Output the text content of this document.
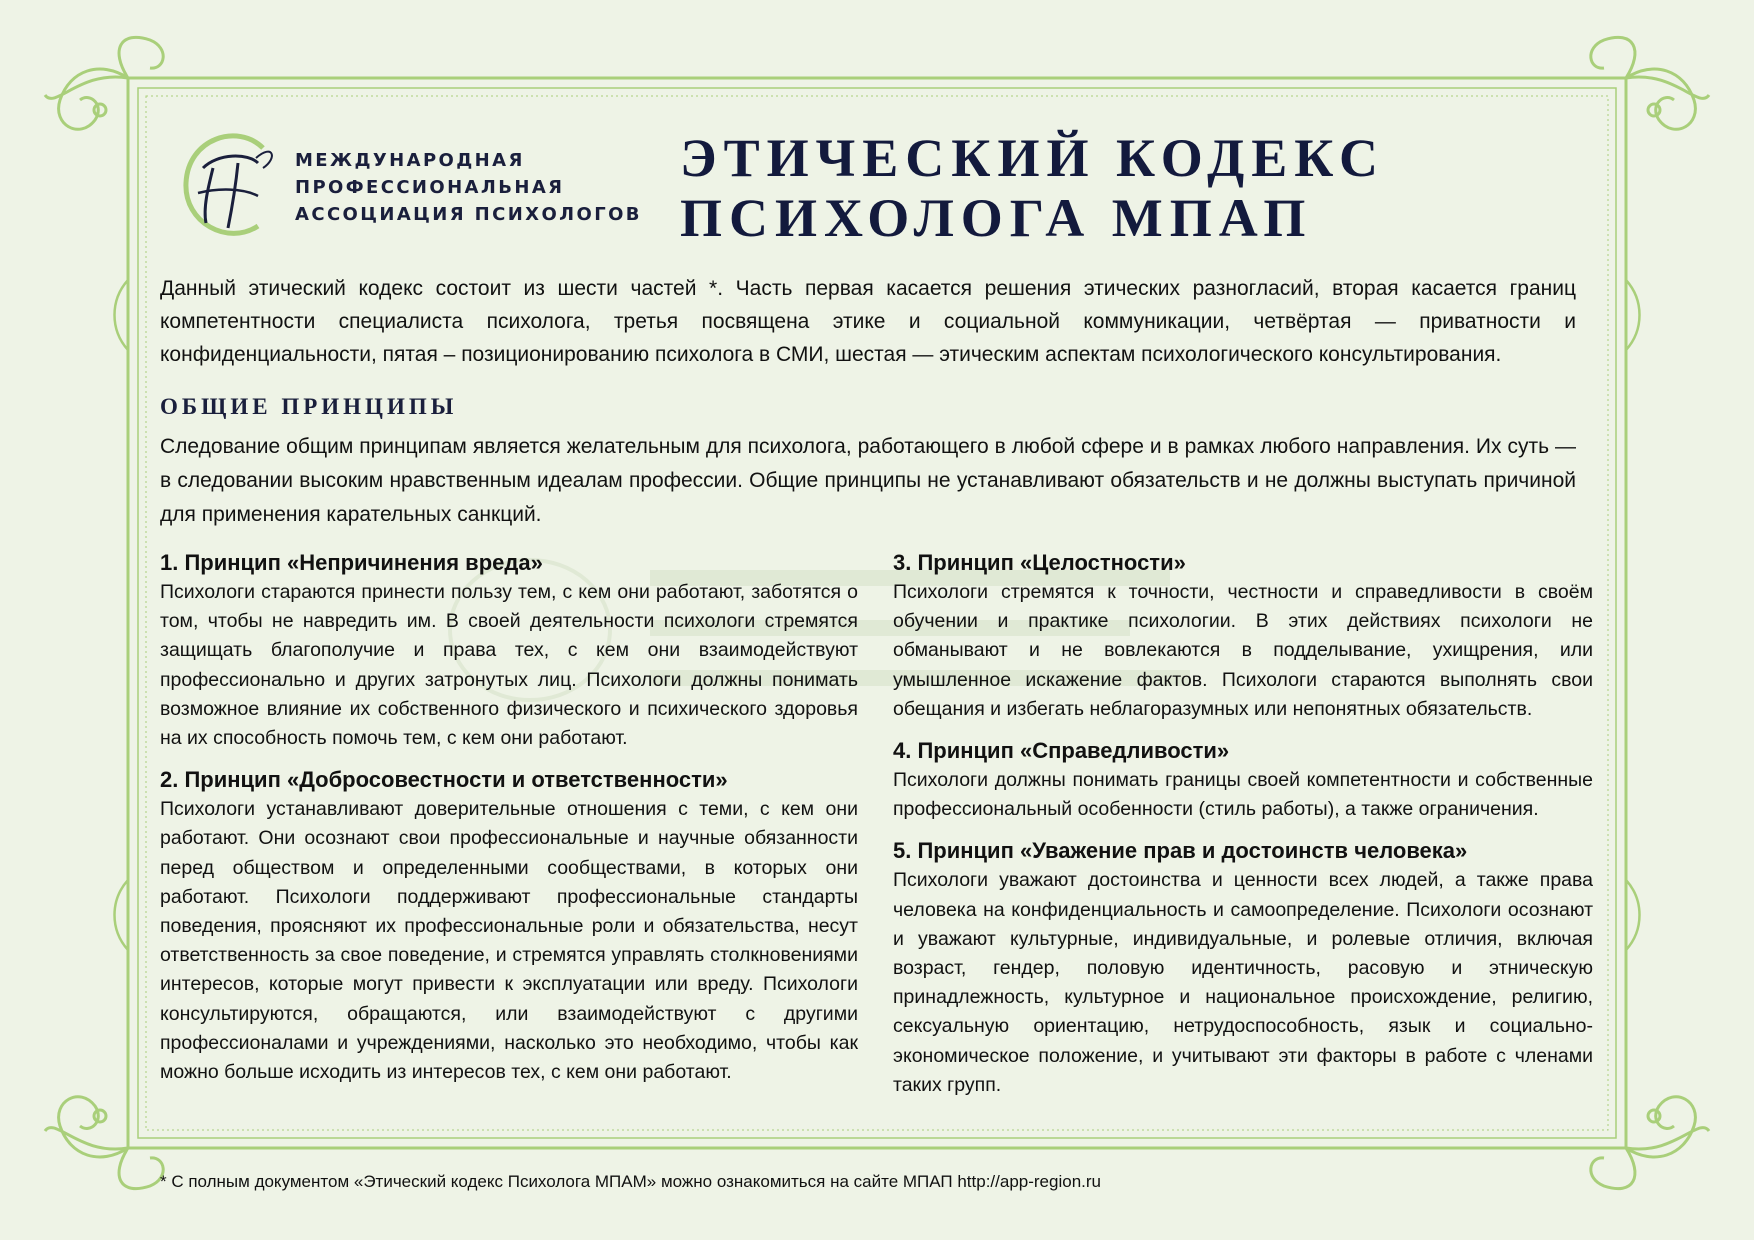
МЕЖДУНАРОДНАЯ
ПРОФЕССИОНАЛЬНАЯ
АССОЦИАЦИЯ ПСИХОЛОГОВ
ЭТИЧЕСКИЙ КОДЕКС
ПСИХОЛОГА МПАП

Данный этический кодекс состоит из шести частей *. Часть первая касается решения этических разногласий, вторая касается границ компетентности специалиста психолога, третья посвящена этике и социальной коммуникации, четвёртая — приватности и конфиденциальности, пятая – позиционированию психолога в СМИ, шестая — этическим аспектам психологического консультирования.

ОБЩИЕ ПРИНЦИПЫ

Следование общим принципам является желательным для психолога, работающего в любой сфере и в рамках любого направления. Их суть — в следовании высоким нравственным идеалам профессии. Общие принципы не устанавливают обязательств и не должны выступать причиной для применения карательных санкций.

1. Принцип «Непричинения вреда»
Психологи стараются принести пользу тем, с кем они работают, заботятся о том, чтобы не навредить им. В своей деятельности психологи стремятся защищать благополучие и права тех, с кем они взаимодействуют профессионально и других затронутых лиц. Психологи должны понимать возможное влияние их собственного физического и психического здоровья на их способность помочь тем, с кем они работают.
2. Принцип «Добросовестности и ответственности»
Психологи устанавливают доверительные отношения с теми, с кем они работают. Они осознают свои профессиональные и научные обязанности перед обществом и определенными сообществами, в которых они работают. Психологи поддерживают профессиональные стандарты поведения, проясняют их профессиональные роли и обязательства, несут ответственность за свое поведение, и стремятся управлять столкновениями интересов, которые могут привести к эксплуатации или вреду. Психологи консультируются, обращаются, или взаимодействуют с другими профессионалами и учреждениями, насколько это необходимо, чтобы как можно больше исходить из интересов тех, с кем они работают.
3. Принцип «Целостности»
Психологи стремятся к точности, честности и справедливости в своём обучении и практике психологии. В этих действиях психологи не обманывают и не вовлекаются в подделывание, ухищрения, или умышленное искажение фактов. Психологи стараются выполнять свои обещания и избегать неблагоразумных или непонятных обязательств.
4. Принцип «Справедливости»
Психологи должны понимать границы своей компетентности и собственные профессиональный особенности (стиль работы), а также ограничения.
5. Принцип «Уважение прав и достоинств человека»
Психологи уважают достоинства и ценности всех людей, а также права человека на конфиденциальность и самоопределение. Психологи осознают и уважают культурные, индивидуальные, и ролевые отличия, включая возраст, гендер, половую идентичность, расовую и этническую принадлежность, культурное и национальное происхождение, религию, сексуальную ориентацию, нетрудоспособность, язык и социально-экономическое положение, и учитывают эти факторы в работе с членами таких групп.
* С полным документом «Этический кодекс Психолога МПАМ» можно ознакомиться на сайте МПАП http://app-region.ru
